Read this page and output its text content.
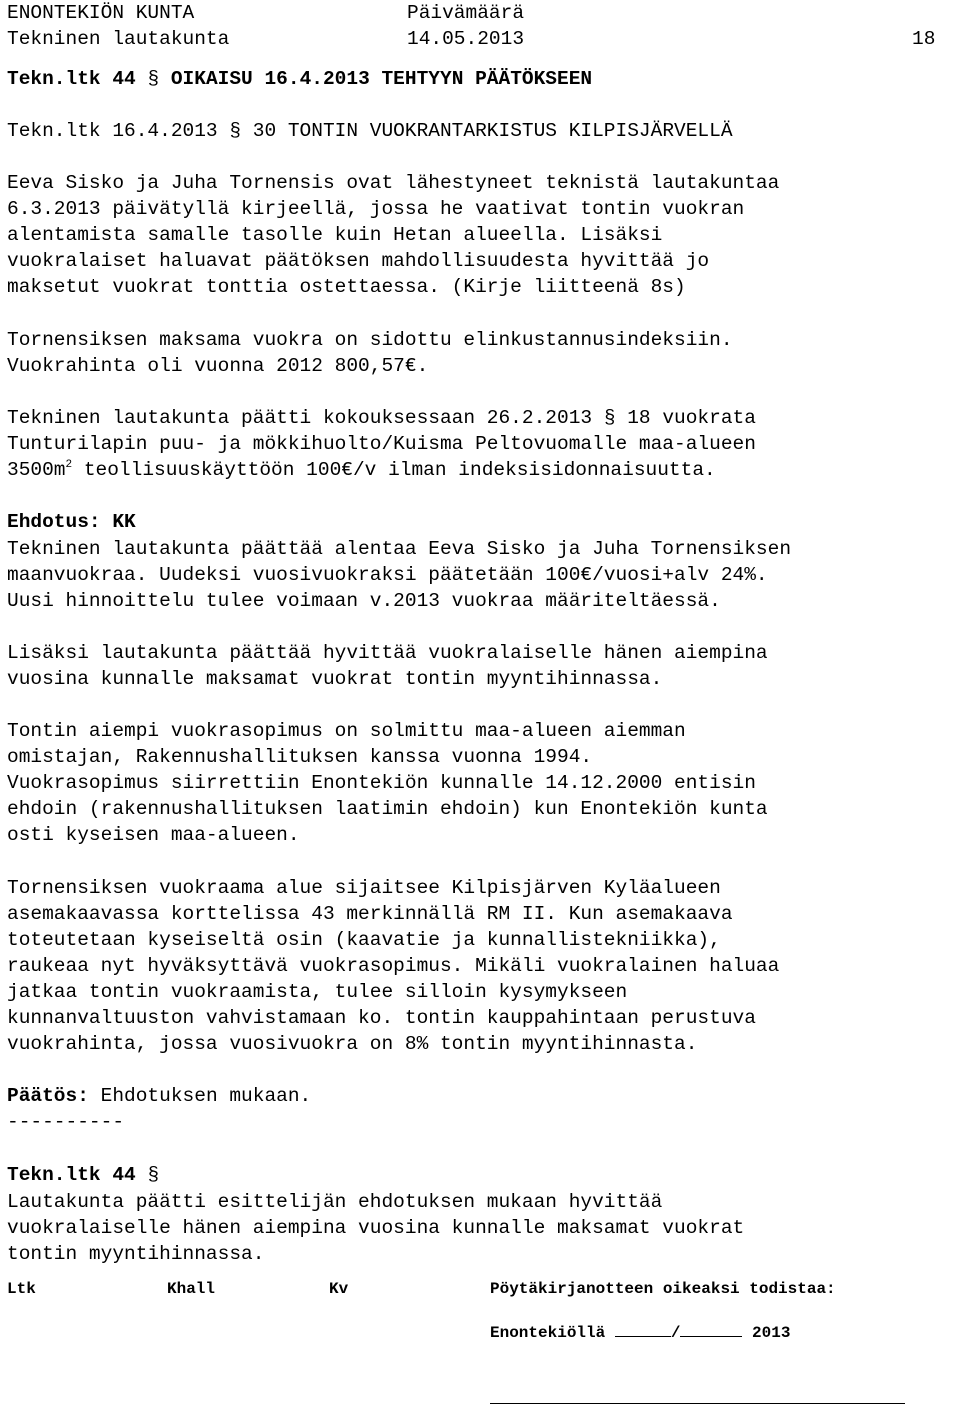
ENONTEKIÖN KUNTA	Päivämäärä

Tekninen lautakunta	14.05.2013	18

Tekn.ltk 44 § OIKAISU 16.4.2013 TEHTYYN PÄÄTÖKSEEN

Tekn.ltk 16.4.2013 § 30 TONTIN VUOKRANTARKISTUS KILPISJÄRVELLÄ

Eeva Sisko ja Juha Tornensis ovat lähestyneet teknistä lautakuntaa

6.3.2013 päivätyllä kirjeellä, jossa he vaativat tontin vuokran

alentamista samalle tasolle kuin Hetan alueella. Lisäksi

vuokralaiset haluavat päätöksen mahdollisuudesta hyvittää jo

maksetut vuokrat tonttia ostettaessa. (Kirje liitteenä 8s)

Tornensiksen maksama vuokra on sidottu elinkustannusindeksiin.

Vuokrahinta oli vuonna 2012 800,57€.

Tekninen lautakunta päätti kokouksessaan 26.2.2013 § 18 vuokrata

Tunturilapin puu- ja mökkihuolto/Kuisma Peltovuomalle maa-alueen

$3500m^2$ teollisuuskäyttöön 100€/v ilman indeksisidonnaisuutta.

Ehdotus: KK

Tekninen lautakunta päättää alentaa Eeva Sisko ja Juha Tornensiksen

maanvuokraa. Uudeksi vuosivuokraksi päätetään 100€/vuosi+alv 24%.

Uusi hinnoittelu tulee voimaan v.2013 vuokraa määriteltäessä.

Lisäksi lautakunta päättää hyvittää vuokralaiselle hänen aiempina

vuosina kunnalle maksamat vuokrat tontin myyntihinnassa.

Tontin aiempi vuokrasopimus on solmittu maa-alueen aiemman

omistajan, Rakennushallituksen kanssa vuonna 1994.

Vuokrasopimus siirrettiin Enontekiön kunnalle 14.12.2000 entisin

ehdoin (rakennushallituksen laatimin ehdoin) kun Enontekiön kunta

osti kyseisen maa-alueen.

Tornensiksen vuokraama alue sijaitsee Kilpisjärven Kyläalueen

asemakaavassa korttelissa 43 merkinnällä RM II. Kun asemakaava

toteutetaan kyseiseltä osin (kaavatie ja kunnallistekniikka),

raukeaa nyt hyväksyttävä vuokrasopimus. Mikäli vuokralainen haluaa

jatkaa tontin vuokraamista, tulee silloin kysymykseen

kunnanvaltuuston vahvistamaan ko. tontin kauppahintaan perustuva

vuokrahinta, jossa vuosivuokra on 8% tontin myyntihinnasta.

Päätös: Ehdotuksen mukaan.

----------

Tekn.ltk 44 §

Lautakunta päätti esittelijän ehdotuksen mukaan hyvittää

vuokralaiselle hänen aiempina vuosina kunnalle maksamat vuokrat

tontin myyntihinnassa.

Ltk	Khall	Kv	Pöytäkirjanotteen oikeaksi todistaa:

Enontekiöllä	/	2013
